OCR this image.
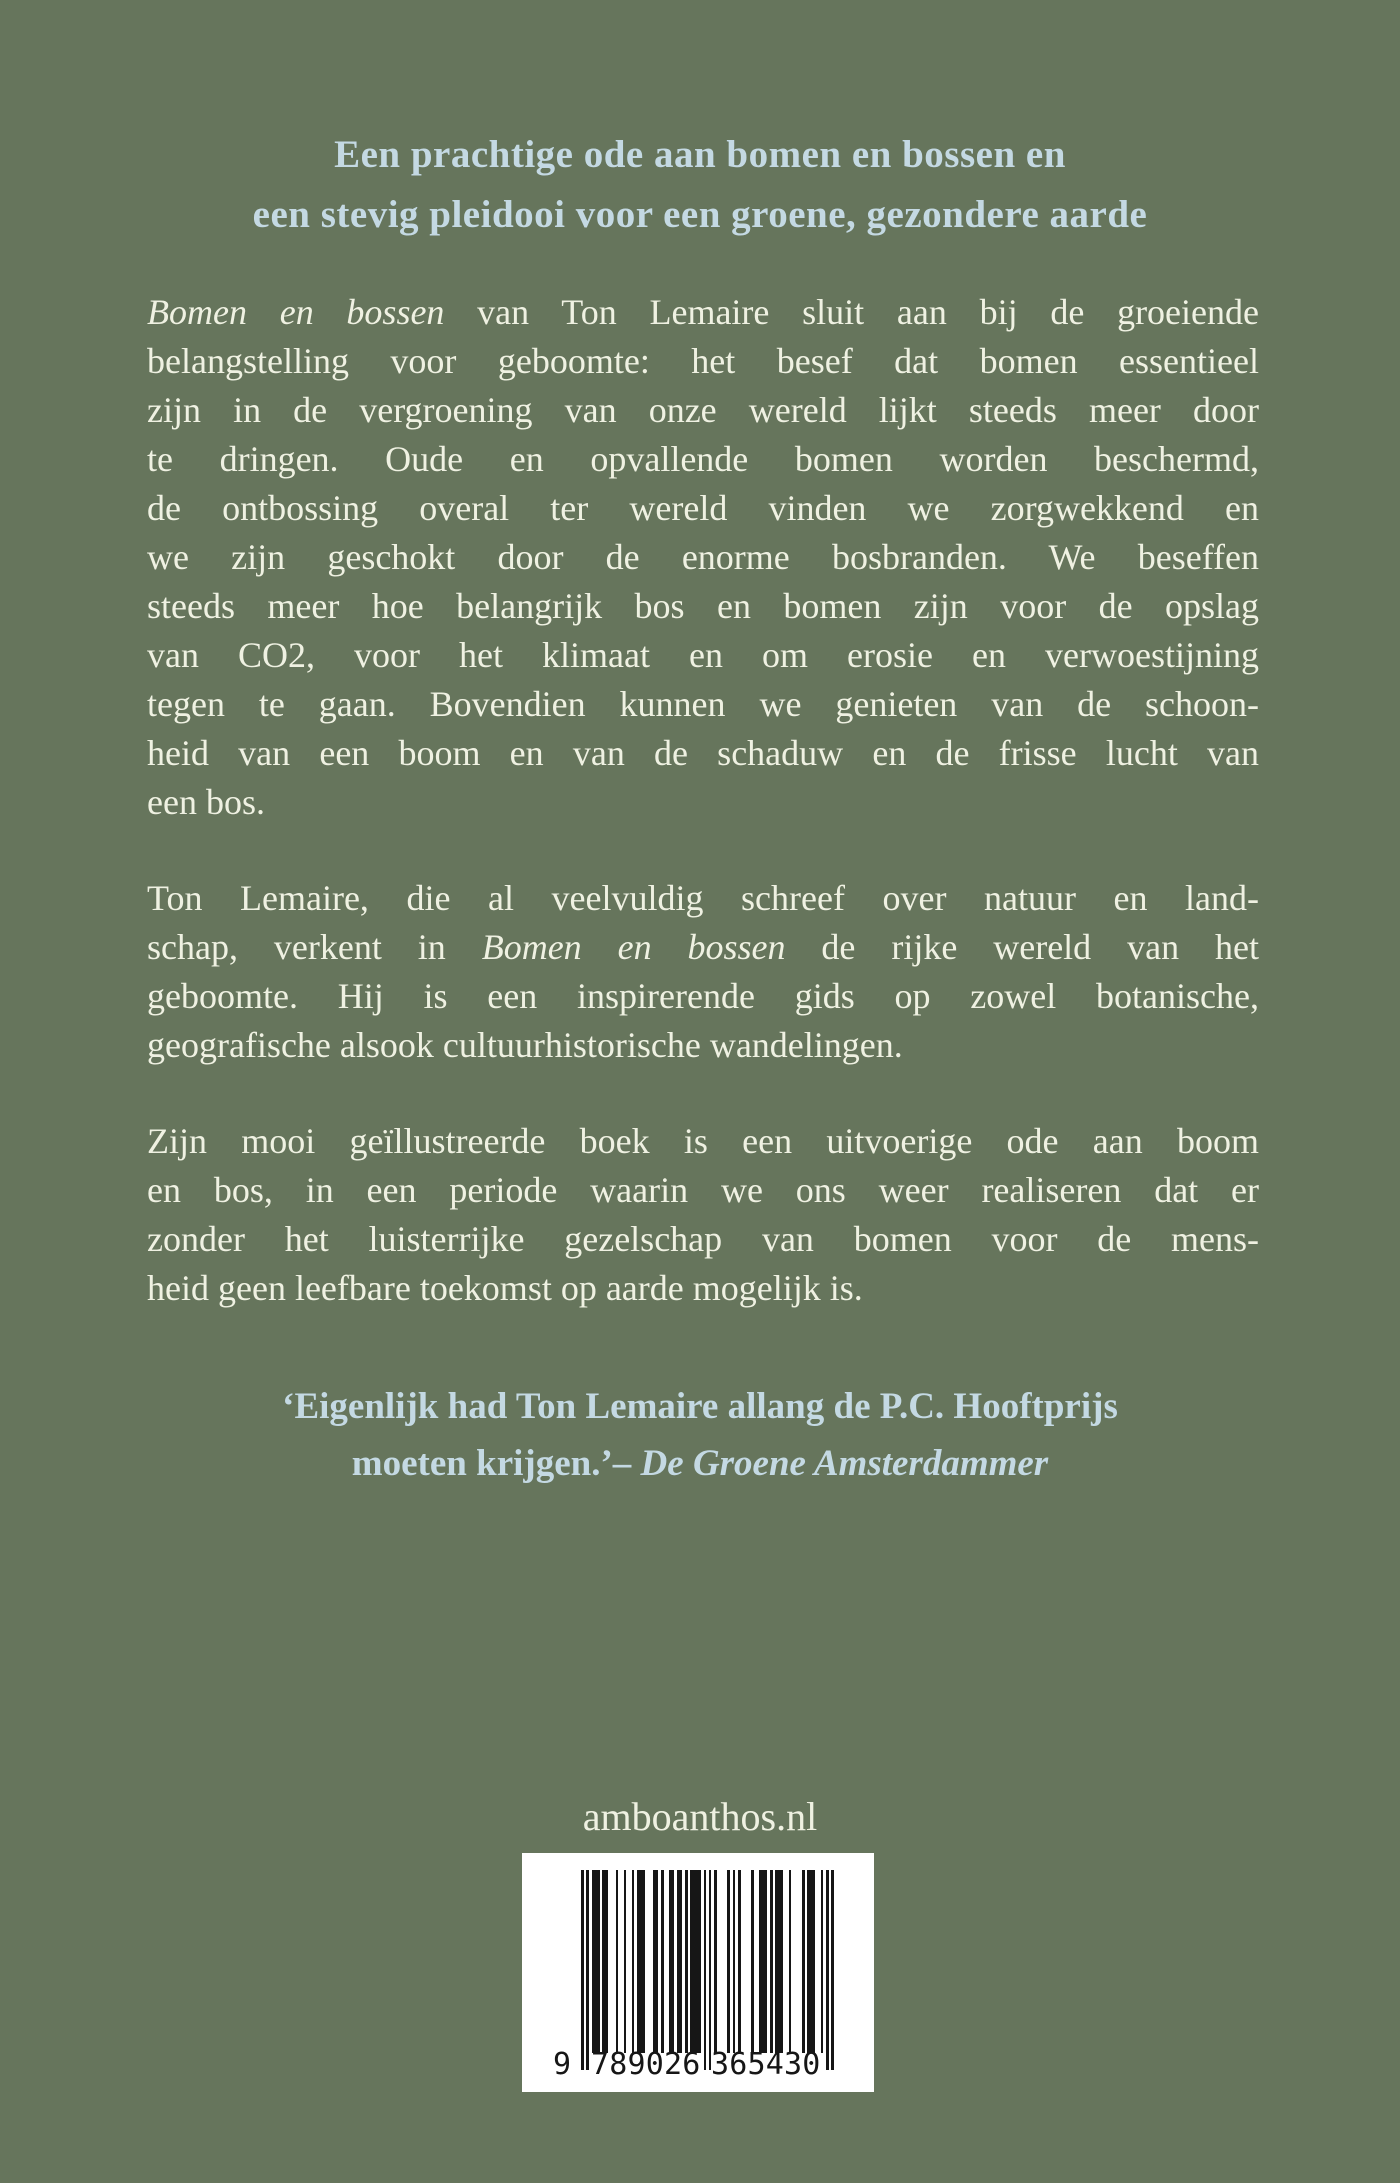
Een prachtige ode aan bomen en bossen en
een stevig pleidooi voor een groene, gezondere aarde
Bomen en bossen van Ton Lemaire sluit aan bij de groeiende
belangstelling voor geboomte: het besef dat bomen essentieel
zijn in de vergroening van onze wereld lijkt steeds meer door
te dringen. Oude en opvallende bomen worden beschermd,
de ontbossing overal ter wereld vinden we zorgwekkend en
we zijn geschokt door de enorme bosbranden. We beseffen
steeds meer hoe belangrijk bos en bomen zijn voor de opslag
van CO2, voor het klimaat en om erosie en verwoestijning
tegen te gaan. Bovendien kunnen we genieten van de schoon-
heid van een boom en van de schaduw en de frisse lucht van
een bos.
Ton Lemaire, die al veelvuldig schreef over natuur en land-
schap, verkent in Bomen en bossen de rijke wereld van het
geboomte. Hij is een inspirerende gids op zowel botanische,
geografische alsook cultuurhistorische wandelingen.
Zijn mooi geïllustreerde boek is een uitvoerige ode aan boom
en bos, in een periode waarin we ons weer realiseren dat er
zonder het luisterrijke gezelschap van bomen voor de mens-
heid geen leefbare toekomst op aarde mogelijk is.
‘Eigenlijk had Ton Lemaire allang de P.C. Hooftprijs
moeten krijgen.’– De Groene Amsterdammer
amboanthos.nl
9 789026 365430
